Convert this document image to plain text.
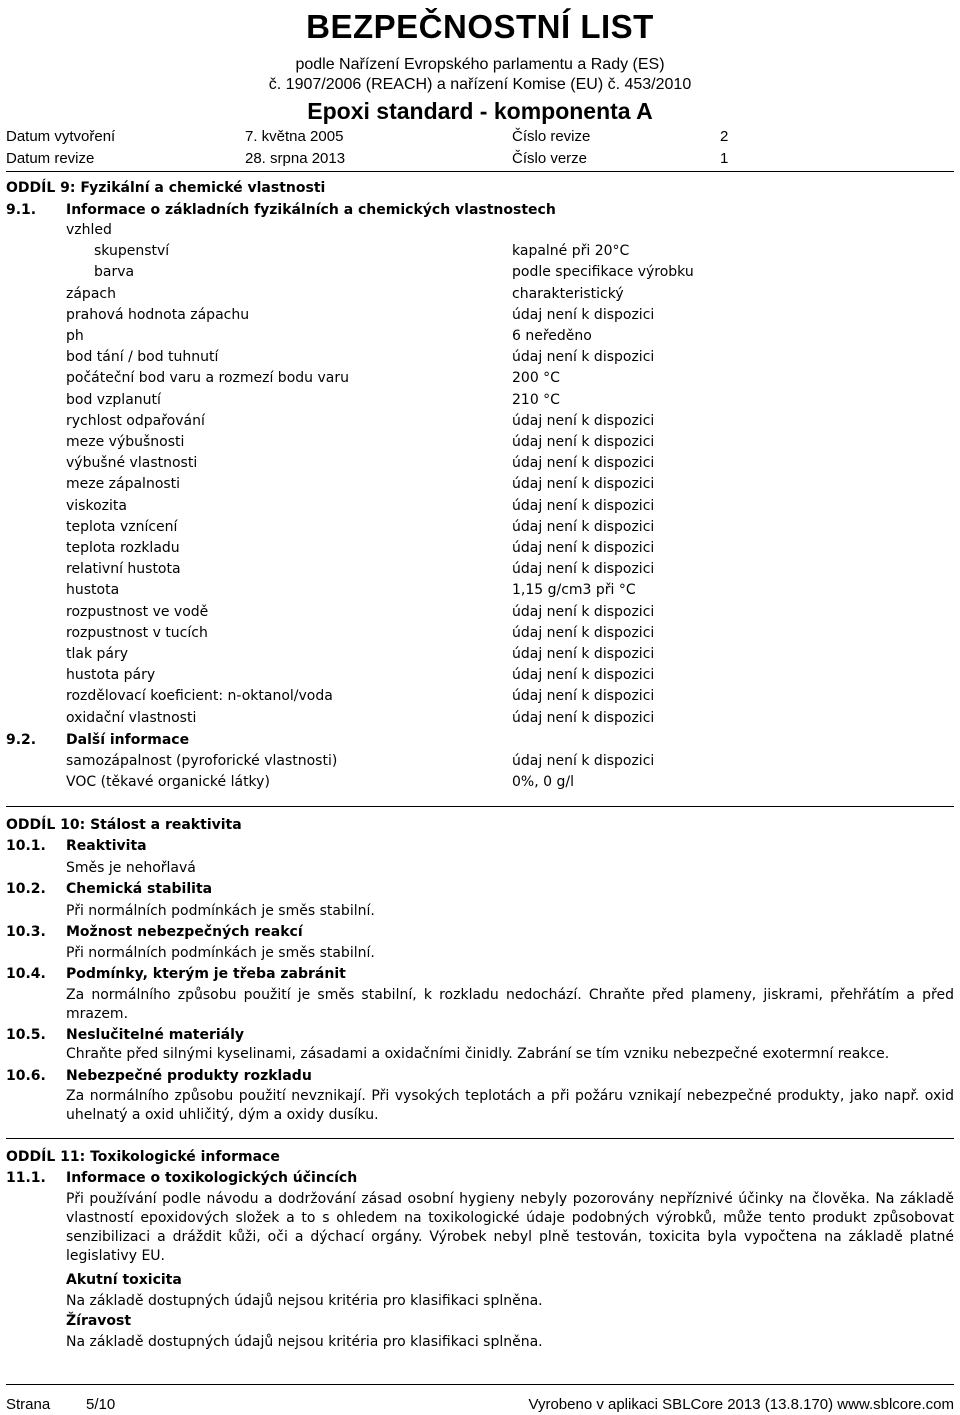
BEZPEČNOSTNÍ LIST
podle Nařízení Evropského parlamentu a Rady (ES)
č. 1907/2006 (REACH) a nařízení Komise (EU) č. 453/2010
Epoxi standard - komponenta A
Datum vytvoření	7. května 2005	Číslo revize	2
Datum revize	28. srpna 2013	Číslo verze	1
ODDÍL 9: Fyzikální a chemické vlastnosti
9.1. Informace o základních fyzikálních a chemických vlastnostech
vzhled
skupenství	kapalné při 20°C
barva	podle specifikace výrobku
zápach	charakteristický
prahová hodnota zápachu	údaj není k dispozici
ph	6 neředěno
bod tání / bod tuhnutí	údaj není k dispozici
počáteční bod varu a rozmezí bodu varu	200 °C
bod vzplanutí	210 °C
rychlost odpařování	údaj není k dispozici
meze výbušnosti	údaj není k dispozici
výbušné vlastnosti	údaj není k dispozici
meze zápalnosti	údaj není k dispozici
viskozita	údaj není k dispozici
teplota vznícení	údaj není k dispozici
teplota rozkladu	údaj není k dispozici
relativní hustota	údaj není k dispozici
hustota	1,15 g/cm3 při °C
rozpustnost ve vodě	údaj není k dispozici
rozpustnost v tucích	údaj není k dispozici
tlak páry	údaj není k dispozici
hustota páry	údaj není k dispozici
rozdělovací koeficient: n-oktanol/voda	údaj není k dispozici
oxidační vlastnosti	údaj není k dispozici
9.2. Další informace
samozápalnost (pyroforické vlastnosti)	údaj není k dispozici
VOC (těkavé organické látky)	0%, 0 g/l
ODDÍL 10: Stálost a reaktivita
10.1. Reaktivita
Směs je nehořlavá
10.2. Chemická stabilita
Při normálních podmínkách je směs stabilní.
10.3. Možnost nebezpečných reakcí
Při normálních podmínkách je směs stabilní.
10.4. Podmínky, kterým je třeba zabránit
Za normálního způsobu použití je směs stabilní, k rozkladu nedochází. Chraňte před plameny, jiskrami, přehřátím a před mrazem.
10.5. Neslučitelné materiály
Chraňte před silnými kyselinami, zásadami a oxidačními činidly. Zabrání se tím vzniku nebezpečné exotermní reakce.
10.6. Nebezpečné produkty rozkladu
Za normálního způsobu použití nevznikají. Při vysokých teplotách a při požáru vznikají nebezpečné produkty, jako např. oxid uhelnatý a oxid uhličitý, dým a oxidy dusíku.
ODDÍL 11: Toxikologické informace
11.1. Informace o toxikologických účincích
Při používání podle návodu a dodržování zásad osobní hygieny nebyly pozorovány nepříznivé účinky na člověka. Na základě vlastností epoxidových složek a to s ohledem na toxikologické údaje podobných výrobků, může tento produkt způsobovat senzibilizaci a dráždit kůži, oči a dýchací orgány. Výrobek nebyl plně testován, toxicita byla vypočtena na základě platné legislativy EU.
Akutní toxicita
Na základě dostupných údajů nejsou kritéria pro klasifikaci splněna.
Žíravost
Na základě dostupných údajů nejsou kritéria pro klasifikaci splněna.
Strana 5/10	Vyrobeno v aplikaci SBLCore 2013 (13.8.170) www.sblcore.com
